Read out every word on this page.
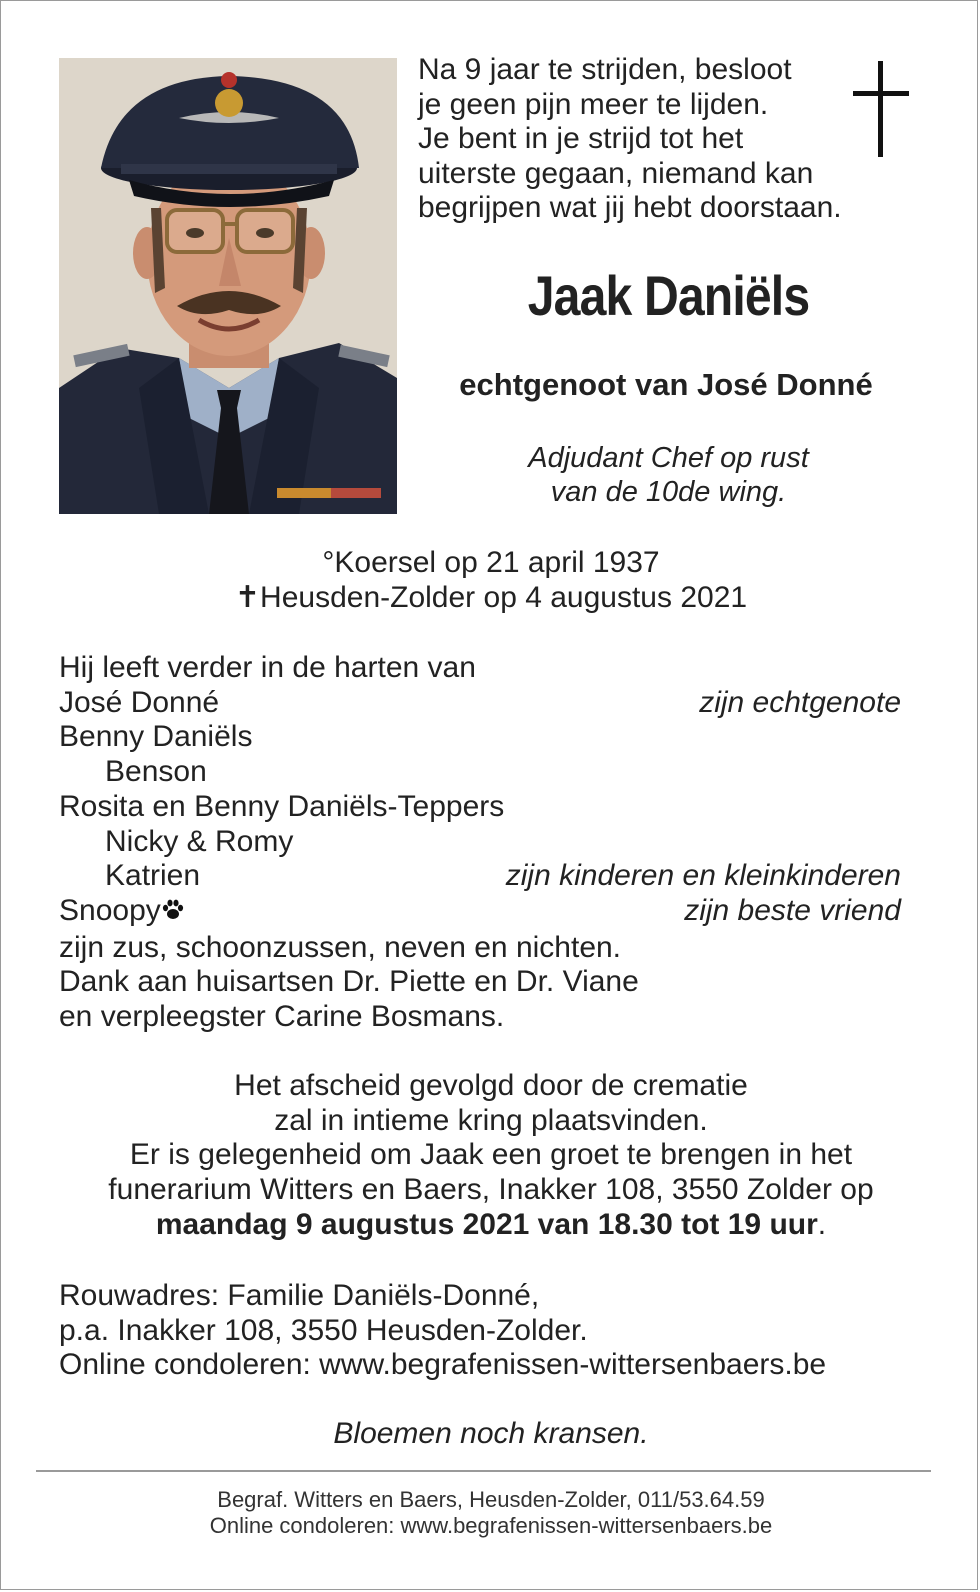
Na 9 jaar te strijden, besloot
je geen pijn meer te lijden.
Je bent in je strijd tot het
uiterste gegaan, niemand kan
begrijpen wat jij hebt doorstaan.
Jaak Daniëls
echtgenoot van José Donné
Adjudant Chef op rust
van de 10de wing.
°Koersel op 21 april 1937
✝Heusden-Zolder op 4 augustus 2021
Hij leeft verder in de harten van
José Donné	zijn echtgenote
Benny Daniëls
Benson
Rosita en Benny Daniëls-Teppers
Nicky & Romy
Katrien	zijn kinderen en kleinkinderen
Snoopy	zijn beste vriend
zijn zus, schoonzussen, neven en nichten.
Dank aan huisartsen Dr. Piette en Dr. Viane
en verpleegster Carine Bosmans.
Het afscheid gevolgd door de crematie
zal in intieme kring plaatsvinden.
Er is gelegenheid om Jaak een groet te brengen in het
funerarium Witters en Baers, Inakker 108, 3550 Zolder op
maandag 9 augustus 2021 van 18.30 tot 19 uur.
Rouwadres: Familie Daniëls-Donné,
p.a. Inakker 108, 3550 Heusden-Zolder.
Online condoleren: www.begrafenissen-wittersenbaers.be
Bloemen noch kransen.
Begraf. Witters en Baers, Heusden-Zolder, 011/53.64.59
Online condoleren: www.begrafenissen-wittersenbaers.be
